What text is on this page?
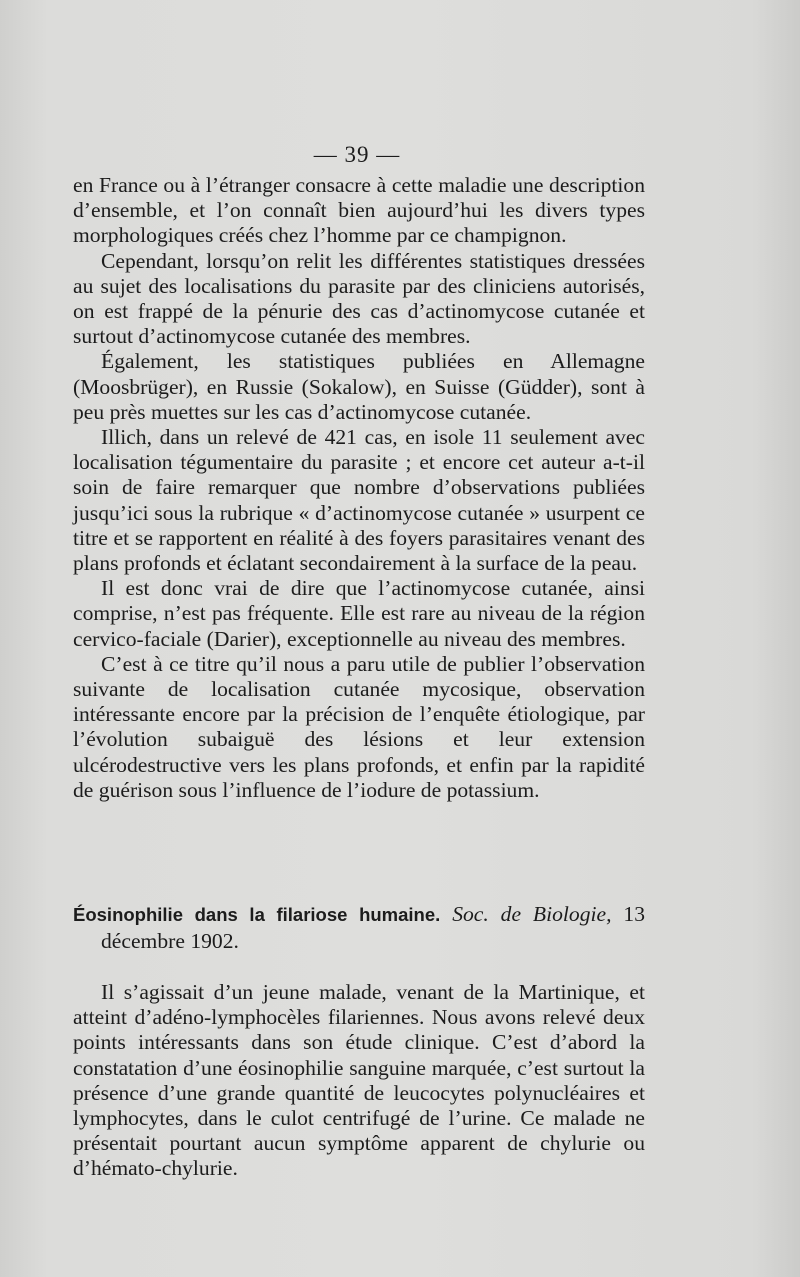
— 39 —

en France ou à l’étranger consacre à cette maladie une description d’ensemble, et l’on connaît bien aujourd’hui les divers types morphologiques créés chez l’homme par ce champignon.

Cependant, lorsqu’on relit les différentes statistiques dressées au sujet des localisations du parasite par des cliniciens autorisés, on est frappé de la pénurie des cas d’actinomycose cutanée et surtout d’actinomycose cutanée des membres.

Également, les statistiques publiées en Allemagne (Moosbrüger), en Russie (Sokalow), en Suisse (Güdder), sont à peu près muettes sur les cas d’actinomycose cutanée.

Illich, dans un relevé de 421 cas, en isole 11 seulement avec localisation tégumentaire du parasite ; et encore cet auteur a-t-il soin de faire remarquer que nombre d’observations publiées jusqu’ici sous la rubrique « d’actinomycose cutanée » usurpent ce titre et se rapportent en réalité à des foyers parasitaires venant des plans profonds et éclatant secondairement à la surface de la peau.

Il est donc vrai de dire que l’actinomycose cutanée, ainsi comprise, n’est pas fréquente. Elle est rare au niveau de la région cervico-faciale (Darier), exceptionnelle au niveau des membres.

C’est à ce titre qu’il nous a paru utile de publier l’observation suivante de localisation cutanée mycosique, observation intéressante encore par la précision de l’enquête étiologique, par l’évolution subaiguë des lésions et leur extension ulcérodestructive vers les plans profonds, et enfin par la rapidité de guérison sous l’influence de l’iodure de potassium.

Éosinophilie dans la filariose humaine. Soc. de Biologie, 13 décembre 1902.

Il s’agissait d’un jeune malade, venant de la Martinique, et atteint d’adéno-lymphocèles filariennes. Nous avons relevé deux points intéressants dans son étude clinique. C’est d’abord la constatation d’une éosinophilie sanguine marquée, c’est surtout la présence d’une grande quantité de leucocytes polynucléaires et lymphocytes, dans le culot centrifugé de l’urine. Ce malade ne présentait pourtant aucun symptôme apparent de chylurie ou d’hémato-chylurie.
